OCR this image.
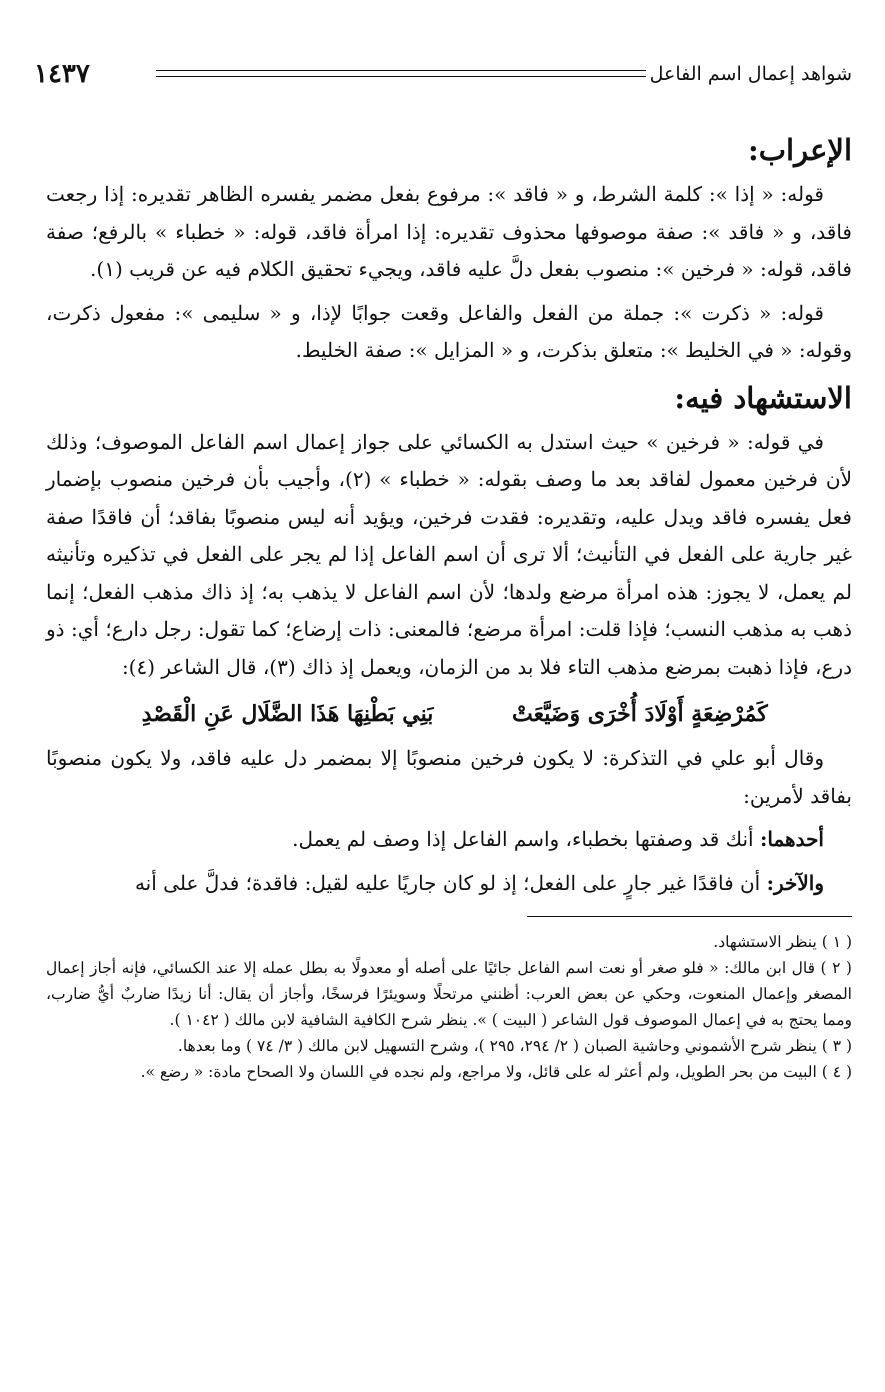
١٤٣٧	شواهد إعمال اسم الفاعل
الإعراب:

قوله: « إذا »: كلمة الشرط، و « فاقد »: مرفوع بفعل مضمر يفسره الظاهر تقديره: إذا رجعت فاقد، و « فاقد »: صفة موصوفها محذوف تقديره: إذا امرأة فاقد، قوله: « خطباء » بالرفع؛ صفة فاقد، قوله: « فرخين »: منصوب بفعل دلَّ عليه فاقد، ويجيء تحقيق الكلام فيه عن قريب (١).

قوله: « ذكرت »: جملة من الفعل والفاعل وقعت جوابًا لإذا، و « سليمى »: مفعول ذكرت، وقوله: « في الخليط »: متعلق بذكرت، و « المزايل »: صفة الخليط.

الاستشهاد فيه:

في قوله: « فرخين » حيث استدل به الكسائي على جواز إعمال اسم الفاعل الموصوف؛ وذلك لأن فرخين معمول لفاقد بعد ما وصف بقوله: « خطباء » (٢)، وأجيب بأن فرخين منصوب بإضمار فعل يفسره فاقد ويدل عليه، وتقديره: فقدت فرخين، ويؤيد أنه ليس منصوبًا بفاقد؛ أن فاقدًا صفة غير جارية على الفعل في التأنيث؛ ألا ترى أن اسم الفاعل إذا لم يجر على الفعل في تذكيره وتأنيثه لم يعمل، لا يجوز: هذه امرأة مرضع ولدها؛ لأن اسم الفاعل لا يذهب به؛ إذ ذاك مذهب الفعل؛ إنما ذهب به مذهب النسب؛ فإذا قلت: امرأة مرضع؛ فالمعنى: ذات إرضاع؛ كما تقول: رجل دارع؛ أي: ذو درع، فإذا ذهبت بمرضع مذهب التاء فلا بد من الزمان، ويعمل إذ ذاك (٣)، قال الشاعر (٤):

كَمُرْضِعَةٍ أَوْلَادَ أُخْرَى وَضَيَّعَتْبَنِي بَطْنِهَا هَذَا الضَّلَال عَنِ الْقَصْدِ

وقال أبو علي في التذكرة: لا يكون فرخين منصوبًا إلا بمضمر دل عليه فاقد، ولا يكون منصوبًا بفاقد لأمرين:

أحدهما: أنك قد وصفتها بخطباء، واسم الفاعل إذا وصف لم يعمل.

والآخر: أن فاقدًا غير جارٍ على الفعل؛ إذ لو كان جاريًا عليه لقيل: فاقدة؛ فدلَّ على أنه

( ١ ) ينظر الاستشهاد.

( ٢ ) قال ابن مالك: « فلو صغر أو نعت اسم الفاعل جائيًا على أصله أو معدولًا به بطل عمله إلا عند الكسائي، فإنه أجاز إعمال المصغر وإعمال المنعوت، وحكي عن بعض العرب: أظنني مرتحلًا وسويئرًا فرسخًا، وأجاز أن يقال: أنا زيدًا ضاربٌ أيُّ ضارب، ومما يحتج به في إعمال الموصوف قول الشاعر ( البيت ) ». ينظر شرح الكافية الشافية لابن مالك ( ١٠٤٢ ).

( ٣ ) ينظر شرح الأشموني وحاشية الصبان ( ٢/ ٢٩٤، ٢٩٥ )، وشرح التسهيل لابن مالك ( ٣/ ٧٤ ) وما بعدها.

( ٤ ) البيت من بحر الطويل، ولم أعثر له على قائل، ولا مراجع، ولم نجده في اللسان ولا الصحاح مادة: « رضع ».
